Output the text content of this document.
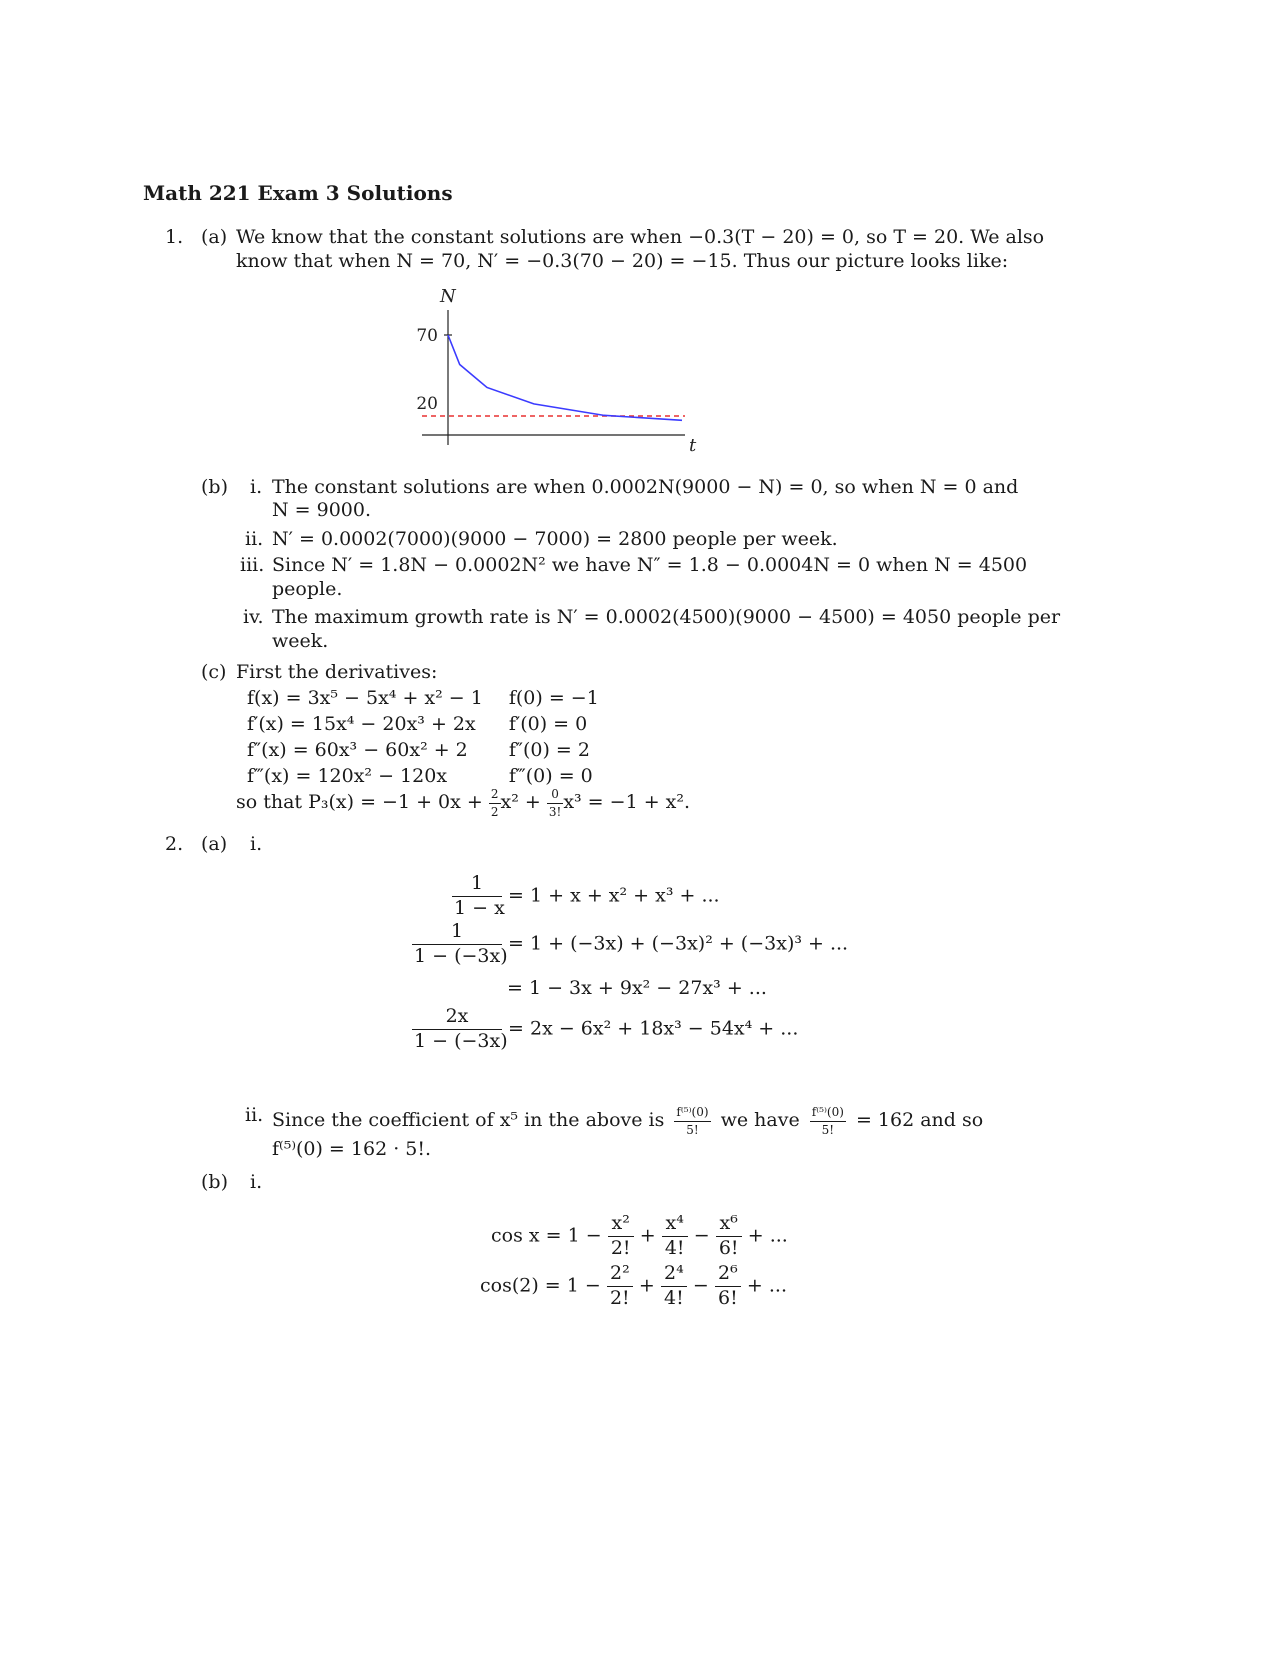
Math 221 Exam 3 Solutions
1. (a) We know that the constant solutions are when −0.3(T − 20) = 0, so T = 20. We also
know that when N = 70, N′ = −0.3(70 − 20) = −15. Thus our picture looks like:
N
t
70
20
(b) i. The constant solutions are when 0.0002N(9000 − N) = 0, so when N = 0 and
N = 9000.
ii. N′ = 0.0002(7000)(9000 − 7000) = 2800 people per week.
iii. Since N′ = 1.8N − 0.0002N² we have N″ = 1.8 − 0.0004N = 0 when N = 4500
people.
iv. The maximum growth rate is N′ = 0.0002(4500)(9000 − 4500) = 4050 people per
week.
(c) First the derivatives:
f(x) = 3x⁵ − 5x⁴ + x² − 1	f(0) = −1
f′(x) = 15x⁴ − 20x³ + 2x	f′(0) = 0
f″(x) = 60x³ − 60x² + 2	f″(0) = 2
f‴(x) = 120x² − 120x	f‴(0) = 0
so that $P_3(x) = -1 + 0x + \frac{2}{2} x^2 + \frac{0}{3!} x^3 = -1 + x^2$.
2. (a) i.
$\frac{1}{1 - x} = 1 + x + x^2 + x^3$ + ...
$\frac{1}{1 - (-3x)} = 1 + (-3x) + (-3x)^2 + (-3x)^3$ + ...
= 1 − 3x + 9x² − 27x³ + ...
$\frac{2x}{1 - (-3x)} = 2x - 6x^2 + 18x^3 - 54x^4$ + ...
ii. Since the coefficient of x⁵ in the above is $\frac{\text{f⁽⁵⁾(0)}}{5!}$ we have $\frac{\text{f⁽⁵⁾(0)}}{5!} = 162$ and so
f⁽⁵⁾(0) = 162 · 5!.
(b) i.
$\cos x = 1 - \frac{\text{x²}}{2!} + \frac{\text{x⁴}}{4!} - \frac{\text{x⁶}}{6!}$ + ...
$\cos(2) = 1 - \frac{\text{2²}}{2!} + \frac{\text{2⁴}}{4!} - \frac{\text{2⁶}}{6!}$ + ...
